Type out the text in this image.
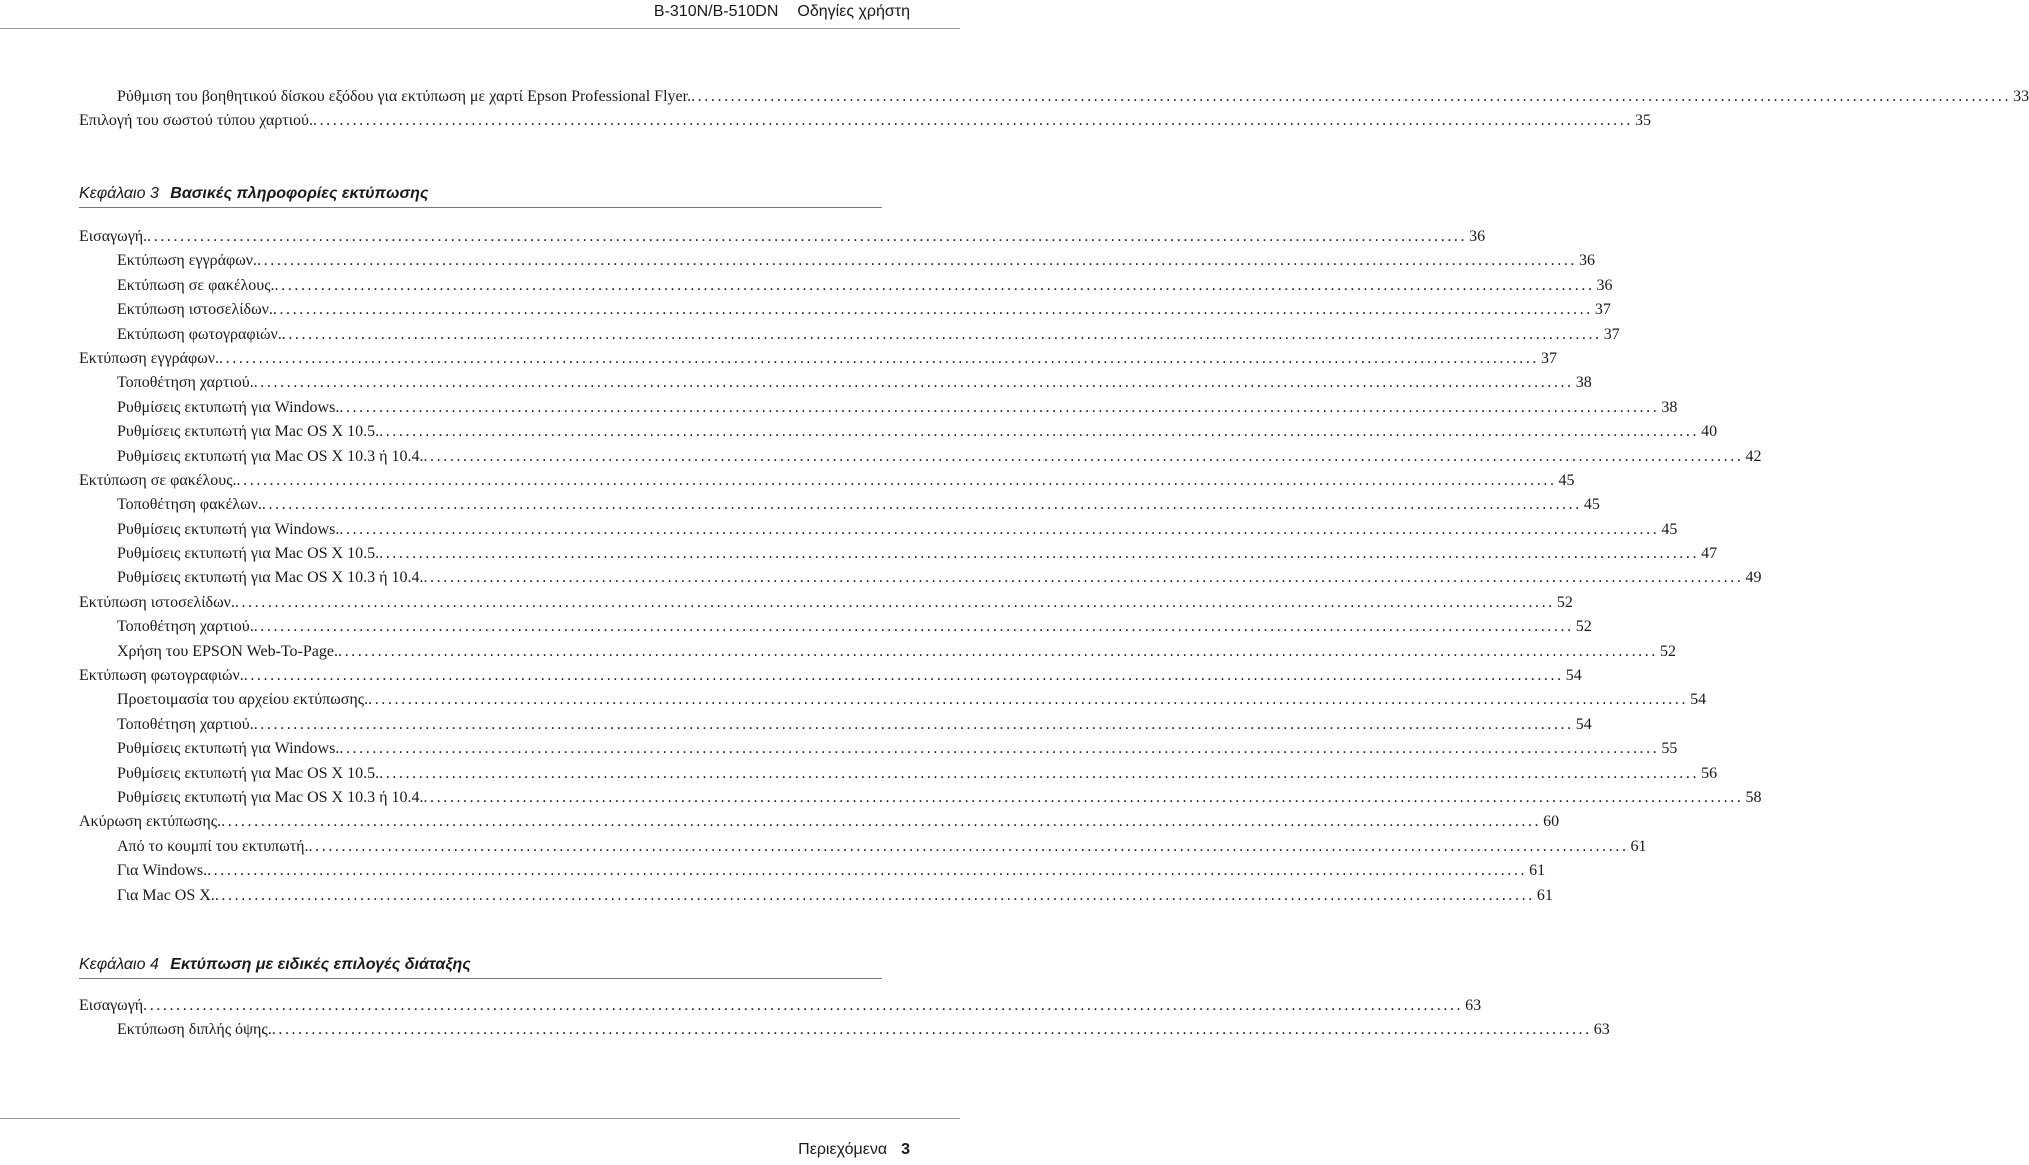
B-310N/B-510DN Οδηγίες χρήστη
Ρύθμιση του βοηθητικού δίσκου εξόδου για εκτύπωση με χαρτί Epson Professional Flyer. ........................................................................................................................................................................................................ 33
Επιλογή του σωστού τύπου χαρτιού. ........................................................................................................................................................................................................ 35
Κεφάλαιο 3 Βασικές πληροφορίες εκτύπωσης
Εισαγωγή. ........................................................................................................................................................................................................ 36
Εκτύπωση εγγράφων. ........................................................................................................................................................................................................ 36
Εκτύπωση σε φακέλους. ........................................................................................................................................................................................................ 36
Εκτύπωση ιστοσελίδων. ........................................................................................................................................................................................................ 37
Εκτύπωση φωτογραφιών. ........................................................................................................................................................................................................ 37
Εκτύπωση εγγράφων. ........................................................................................................................................................................................................ 37
Τοποθέτηση χαρτιού. ........................................................................................................................................................................................................ 38
Ρυθμίσεις εκτυπωτή για Windows. ........................................................................................................................................................................................................ 38
Ρυθμίσεις εκτυπωτή για Mac OS X 10.5. ........................................................................................................................................................................................................ 40
Ρυθμίσεις εκτυπωτή για Mac OS X 10.3 ή 10.4. ........................................................................................................................................................................................................ 42
Εκτύπωση σε φακέλους. ........................................................................................................................................................................................................ 45
Τοποθέτηση φακέλων. ........................................................................................................................................................................................................ 45
Ρυθμίσεις εκτυπωτή για Windows. ........................................................................................................................................................................................................ 45
Ρυθμίσεις εκτυπωτή για Mac OS X 10.5. ........................................................................................................................................................................................................ 47
Ρυθμίσεις εκτυπωτή για Mac OS X 10.3 ή 10.4. ........................................................................................................................................................................................................ 49
Εκτύπωση ιστοσελίδων. ........................................................................................................................................................................................................ 52
Τοποθέτηση χαρτιού. ........................................................................................................................................................................................................ 52
Χρήση του EPSON Web-To-Page. ........................................................................................................................................................................................................ 52
Εκτύπωση φωτογραφιών. ........................................................................................................................................................................................................ 54
Προετοιμασία του αρχείου εκτύπωσης. ........................................................................................................................................................................................................ 54
Τοποθέτηση χαρτιού. ........................................................................................................................................................................................................ 54
Ρυθμίσεις εκτυπωτή για Windows. ........................................................................................................................................................................................................ 55
Ρυθμίσεις εκτυπωτή για Mac OS X 10.5. ........................................................................................................................................................................................................ 56
Ρυθμίσεις εκτυπωτή για Mac OS X 10.3 ή 10.4. ........................................................................................................................................................................................................ 58
Ακύρωση εκτύπωσης. ........................................................................................................................................................................................................ 60
Από το κουμπί του εκτυπωτή. ........................................................................................................................................................................................................ 61
Για Windows. ........................................................................................................................................................................................................ 61
Για Mac OS X. ........................................................................................................................................................................................................ 61
Κεφάλαιο 4 Εκτύπωση με ειδικές επιλογές διάταξης
Εισαγωγή ........................................................................................................................................................................................................ 63
Εκτύπωση διπλής όψης. ........................................................................................................................................................................................................ 63
Περιεχόμενα 3
